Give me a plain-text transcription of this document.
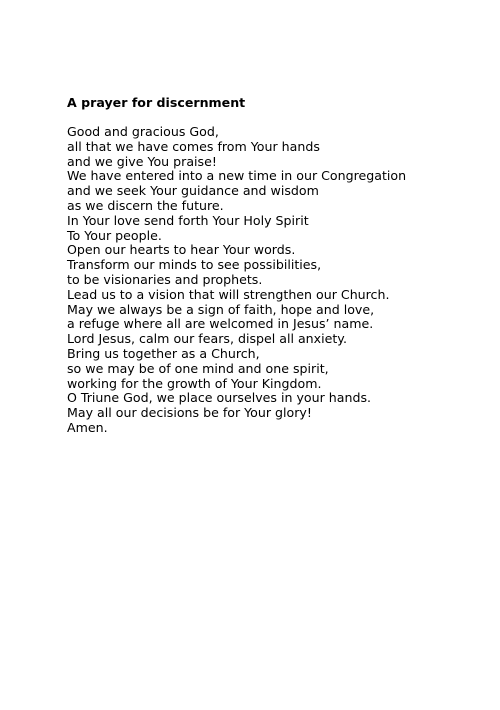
A prayer for discernment
Good and gracious God,
all that we have comes from Your hands
and we give You praise!
We have entered into a new time in our Congregation
and we seek Your guidance and wisdom
as we discern the future.
In Your love send forth Your Holy Spirit
To Your people.
Open our hearts to hear Your words.
Transform our minds to see possibilities,
to be visionaries and prophets.
Lead us to a vision that will strengthen our Church.
May we always be a sign of faith, hope and love,
a refuge where all are welcomed in Jesus’ name.
Lord Jesus, calm our fears, dispel all anxiety.
Bring us together as a Church,
so we may be of one mind and one spirit,
working for the growth of Your Kingdom.
O Triune God, we place ourselves in your hands.
May all our decisions be for Your glory!
Amen.
